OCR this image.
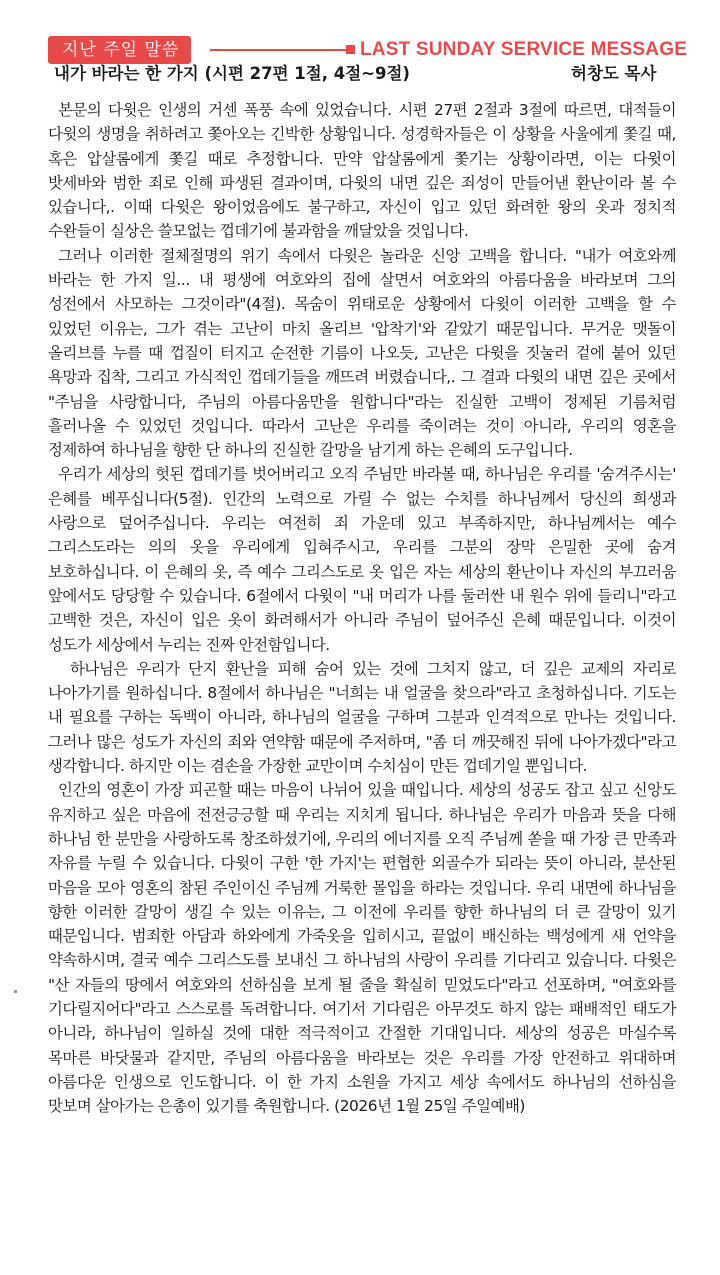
지난 주일 말씀	LAST SUNDAY SERVICE MESSAGE
내가 바라는 한 가지 (시편 27편 1절, 4절~9절)	허창도 목사

본문의 다윗은 인생의 거센 폭풍 속에 있었습니다. 시편 27편 2절과 3절에 따르면, 대적들이 다윗의 생명을 취하려고 쫓아오는 긴박한 상황입니다. 성경학자들은 이 상황을 사울에게 쫓길 때, 혹은 압살롬에게 쫓길 때로 추정합니다. 만약 압살롬에게 쫓기는 상황이라면, 이는 다윗이 밧세바와 범한 죄로 인해 파생된 결과이며, 다윗의 내면 깊은 죄성이 만들어낸 환난이라 볼 수 있습니다,. 이때 다윗은 왕이었음에도 불구하고, 자신이 입고 있던 화려한 왕의 옷과 정치적 수완들이 실상은 쓸모없는 껍데기에 불과함을 깨달았을 것입니다.

그러나 이러한 절체절명의 위기 속에서 다윗은 놀라운 신앙 고백을 합니다. "내가 여호와께 바라는 한 가지 일... 내 평생에 여호와의 집에 살면서 여호와의 아름다움을 바라보며 그의 성전에서 사모하는 그것이라"(4절). 목숨이 위태로운 상황에서 다윗이 이러한 고백을 할 수 있었던 이유는, 그가 겪는 고난이 마치 올리브 '압착기'와 같았기 때문입니다. 무거운 맷돌이 올리브를 누를 때 껍질이 터지고 순전한 기름이 나오듯, 고난은 다윗을 짓눌러 겉에 붙어 있던 욕망과 집착, 그리고 가식적인 껍데기들을 깨뜨려 버렸습니다,. 그 결과 다윗의 내면 깊은 곳에서 "주님을 사랑합니다, 주님의 아름다움만을 원합니다"라는 진실한 고백이 정제된 기름처럼 흘러나올 수 있었던 것입니다. 따라서 고난은 우리를 죽이려는 것이 아니라, 우리의 영혼을 정제하여 하나님을 향한 단 하나의 진실한 갈망을 남기게 하는 은혜의 도구입니다.

우리가 세상의 헛된 껍데기를 벗어버리고 오직 주님만 바라볼 때, 하나님은 우리를 '숨겨주시는' 은혜를 베푸십니다(5절). 인간의 노력으로 가릴 수 없는 수치를 하나님께서 당신의 희생과 사랑으로 덮어주십니다. 우리는 여전히 죄 가운데 있고 부족하지만, 하나님께서는 예수 그리스도라는 의의 옷을 우리에게 입혀주시고, 우리를 그분의 장막 은밀한 곳에 숨겨 보호하십니다. 이 은혜의 옷, 즉 예수 그리스도로 옷 입은 자는 세상의 환난이나 자신의 부끄러움 앞에서도 당당할 수 있습니다. 6절에서 다윗이 "내 머리가 나를 둘러싼 내 원수 위에 들리니"라고 고백한 것은, 자신이 입은 옷이 화려해서가 아니라 주님이 덮어주신 은혜 때문입니다. 이것이 성도가 세상에서 누리는 진짜 안전함입니다.

하나님은 우리가 단지 환난을 피해 숨어 있는 것에 그치지 않고, 더 깊은 교제의 자리로 나아가기를 원하십니다. 8절에서 하나님은 "너희는 내 얼굴을 찾으라"라고 초청하십니다. 기도는 내 필요를 구하는 독백이 아니라, 하나님의 얼굴을 구하며 그분과 인격적으로 만나는 것입니다. 그러나 많은 성도가 자신의 죄와 연약함 때문에 주저하며, "좀 더 깨끗해진 뒤에 나아가겠다"라고 생각합니다. 하지만 이는 겸손을 가장한 교만이며 수치심이 만든 껍데기일 뿐입니다.

인간의 영혼이 가장 피곤할 때는 마음이 나뉘어 있을 때입니다. 세상의 성공도 잡고 싶고 신앙도 유지하고 싶은 마음에 전전긍긍할 때 우리는 지치게 됩니다. 하나님은 우리가 마음과 뜻을 다해 하나님 한 분만을 사랑하도록 창조하셨기에, 우리의 에너지를 오직 주님께 쏟을 때 가장 큰 만족과 자유를 누릴 수 있습니다. 다윗이 구한 '한 가지'는 편협한 외골수가 되라는 뜻이 아니라, 분산된 마음을 모아 영혼의 참된 주인이신 주님께 거룩한 몰입을 하라는 것입니다. 우리 내면에 하나님을 향한 이러한 갈망이 생길 수 있는 이유는, 그 이전에 우리를 향한 하나님의 더 큰 갈망이 있기 때문입니다. 범죄한 아담과 하와에게 가죽옷을 입히시고, 끝없이 배신하는 백성에게 새 언약을 약속하시며, 결국 예수 그리스도를 보내신 그 하나님의 사랑이 우리를 기다리고 있습니다. 다윗은 "산 자들의 땅에서 여호와의 선하심을 보게 될 줄을 확실히 믿었도다"라고 선포하며, "여호와를 기다릴지어다"라고 스스로를 독려합니다. 여기서 기다림은 아무것도 하지 않는 패배적인 태도가 아니라, 하나님이 일하실 것에 대한 적극적이고 간절한 기대입니다. 세상의 성공은 마실수록 목마른 바닷물과 같지만, 주님의 아름다움을 바라보는 것은 우리를 가장 안전하고 위대하며 아름다운 인생으로 인도합니다. 이 한 가지 소원을 가지고 세상 속에서도 하나님의 선하심을 맛보며 살아가는 은총이 있기를 축원합니다. (2026년 1월 25일 주일예배)
